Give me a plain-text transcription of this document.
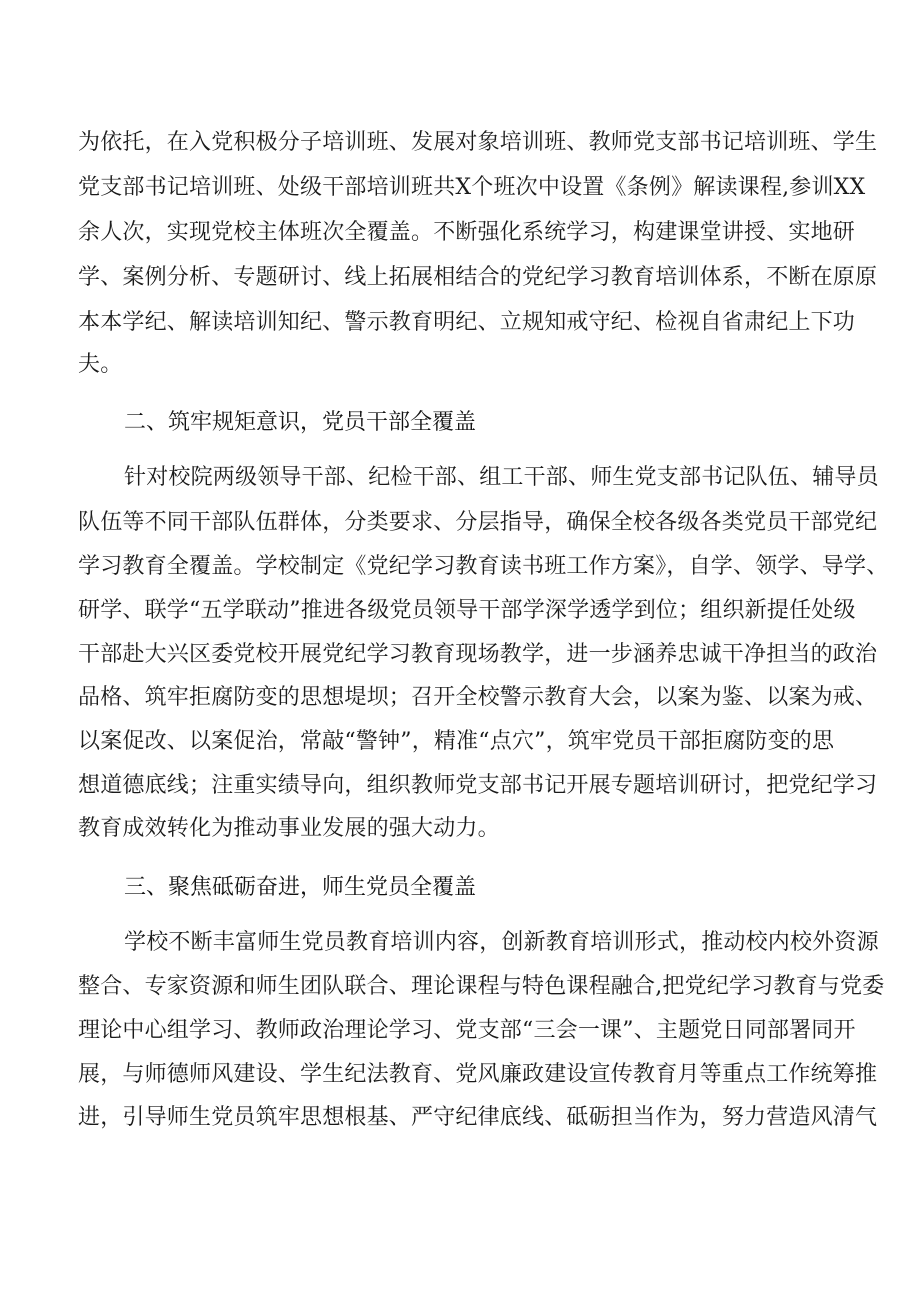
为依托，在入党积极分子培训班、发展对象培训班、教师党支部书记培训班、学生
党支部书记培训班、处级干部培训班共X个班次中设置《条例》解读课程,参训XX
余人次，实现党校主体班次全覆盖。不断强化系统学习，构建课堂讲授、实地研
学、案例分析、专题研讨、线上拓展相结合的党纪学习教育培训体系，不断在原原
本本学纪、解读培训知纪、警示教育明纪、立规知戒守纪、检视自省肃纪上下功
夫。
二、筑牢规矩意识，党员干部全覆盖
针对校院两级领导干部、纪检干部、组工干部、师生党支部书记队伍、辅导员
队伍等不同干部队伍群体，分类要求、分层指导，确保全校各级各类党员干部党纪
学习教育全覆盖。学校制定《党纪学习教育读书班工作方案》，自学、领学、导学、
研学、联学“五学联动”推进各级党员领导干部学深学透学到位；组织新提任处级
干部赴大兴区委党校开展党纪学习教育现场教学，进一步涵养忠诚干净担当的政治
品格、筑牢拒腐防变的思想堤坝；召开全校警示教育大会，以案为鉴、以案为戒、
以案促改、以案促治，常敲“警钟”，精准“点穴”，筑牢党员干部拒腐防变的思
想道德底线；注重实绩导向，组织教师党支部书记开展专题培训研讨，把党纪学习
教育成效转化为推动事业发展的强大动力。
三、聚焦砥砺奋进，师生党员全覆盖
学校不断丰富师生党员教育培训内容，创新教育培训形式，推动校内校外资源
整合、专家资源和师生团队联合、理论课程与特色课程融合,把党纪学习教育与党委
理论中心组学习、教师政治理论学习、党支部“三会一课”、主题党日同部署同开
展，与师德师风建设、学生纪法教育、党风廉政建设宣传教育月等重点工作统筹推
进，引导师生党员筑牢思想根基、严守纪律底线、砥砺担当作为，努力营造风清气
